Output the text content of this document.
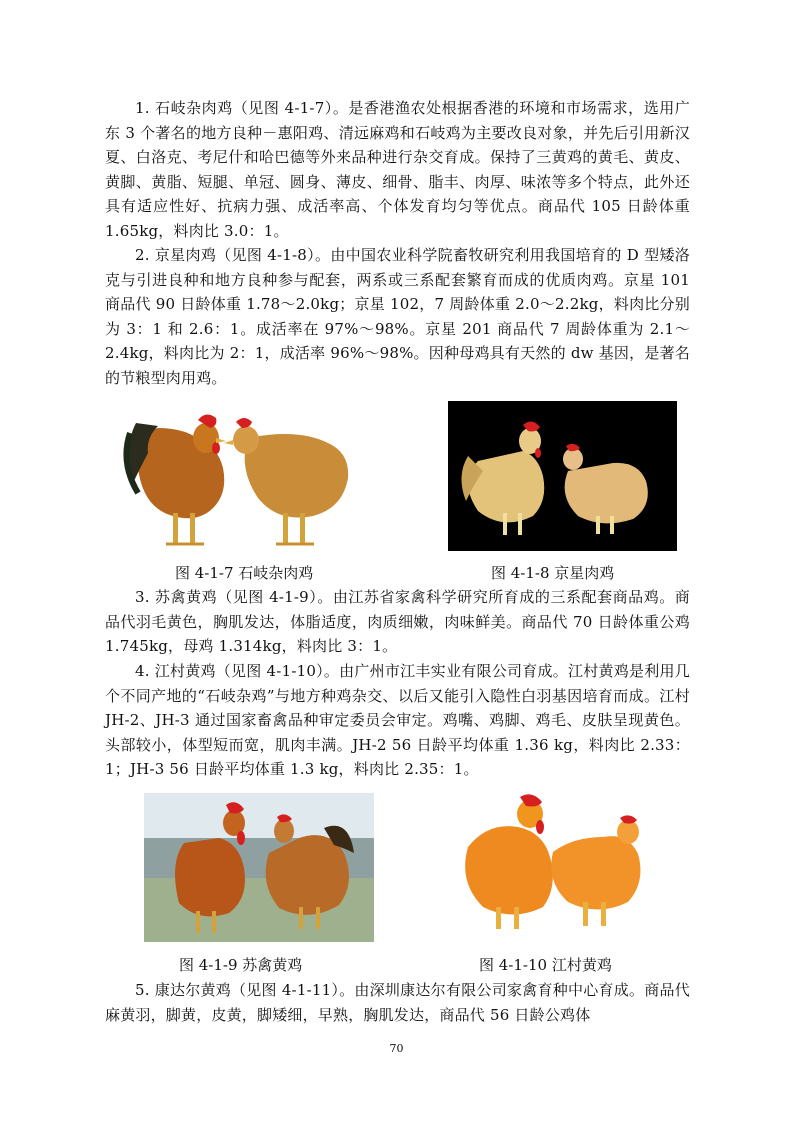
1. 石岐杂肉鸡（见图 4-1-7）。是香港渔农处根据香港的环境和市场需求，选用广东 3 个著名的地方良种－惠阳鸡、清远麻鸡和石岐鸡为主要改良对象，并先后引用新汉夏、白洛克、考尼什和哈巴德等外来品种进行杂交育成。保持了三黄鸡的黄毛、黄皮、黄脚、黄脂、短腿、单冠、圆身、薄皮、细骨、脂丰、肉厚、味浓等多个特点，此外还具有适应性好、抗病力强、成活率高、个体发育均匀等优点。商品代 105 日龄体重 1.65kg，料肉比 3.0：1。

2. 京星肉鸡（见图 4-1-8）。由中国农业科学院畜牧研究利用我国培育的 D 型矮洛克与引进良种和地方良种参与配套，两系或三系配套繁育而成的优质肉鸡。京星 101 商品代 90 日龄体重 1.78～2.0kg；京星 102，7 周龄体重 2.0～2.2kg，料肉比分别为 3：1 和 2.6：1。成活率在 97%～98%。京星 201 商品代 7 周龄体重为 2.1～2.4kg，料肉比为 2：1，成活率 96%～98%。因种母鸡具有天然的 dw 基因，是著名的节粮型肉用鸡。

图 4-1-7 石岐杂肉鸡	图 4-1-8 京星肉鸡

3. 苏禽黄鸡（见图 4-1-9）。由江苏省家禽科学研究所育成的三系配套商品鸡。商品代羽毛黄色，胸肌发达，体脂适度，肉质细嫩，肉味鲜美。商品代 70 日龄体重公鸡 1.745kg，母鸡 1.314kg，料肉比 3：1。

4. 江村黄鸡（见图 4-1-10）。由广州市江丰实业有限公司育成。江村黄鸡是利用几个不同产地的“石岐杂鸡”与地方种鸡杂交、以后又能引入隐性白羽基因培育而成。江村 JH-2、JH-3 通过国家畜禽品种审定委员会审定。鸡嘴、鸡脚、鸡毛、皮肤呈现黄色。头部较小，体型短而宽，肌肉丰满。JH-2 56 日龄平均体重 1.36 kg，料肉比 2.33：1；JH-3 56 日龄平均体重 1.3 kg，料肉比 2.35：1。

图 4-1-9 苏禽黄鸡	图 4-1-10 江村黄鸡

5. 康达尔黄鸡（见图 4-1-11）。由深圳康达尔有限公司家禽育种中心育成。商品代麻黄羽，脚黄，皮黄，脚矮细，早熟，胸肌发达，商品代 56 日龄公鸡体

70
